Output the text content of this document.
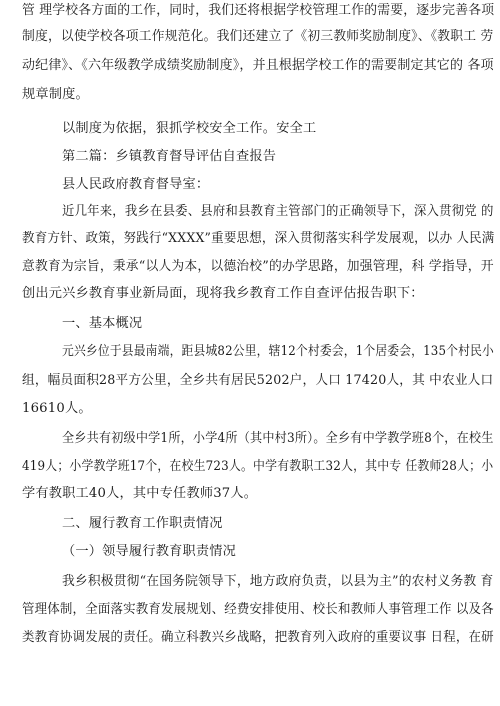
管 理学校各方面的工作，同时，我们还将根据学校管理工作的需要，逐步完善各项
制度，以使学校各项工作规范化。我们还建立了《初三教师奖励制度》、《教职工 劳
动纪律》、《六年级教学成绩奖励制度》，并且根据学校工作的需要制定其它的 各项
规章制度。
以制度为依据，狠抓学校安全工作。安全工
第二篇：乡镇教育督导评估自查报告
县人民政府教育督导室：
近几年来，我乡在县委、县府和县教育主管部门的正确领导下，深入贯彻党 的
教育方针、政策，努践行“XXXX”重要思想，深入贯彻落实科学发展观，以办 人民满
意教育为宗旨，秉承“以人为本，以德治校”的办学思路，加强管理，科 学指导，开
创出元兴乡教育事业新局面，现将我乡教育工作自查评估报告职下：
一、基本概况
元兴乡位于县最南端，距县城82公里，辖12个村委会，1个居委会，135个村民小
组，幅员面积28平方公里，全乡共有居民5202户，人口 17420人，其 中农业人口
16610人。
全乡共有初级中学1所，小学4所（其中村3所）。全乡有中学教学班8个，在校生
419人；小学教学班17个，在校生723人。中学有教职工32人，其中专 任教师28人；小
学有教职工40人，其中专任教师37人。
二、履行教育工作职责情况
（一）领导履行教育职责情况
我乡积极贯彻“在国务院领导下，地方政府负责，以县为主”的农村义务教 育
管理体制，全面落实教育发展规划、经费安排使用、校长和教师人事管理工作 以及各
类教育协调发展的责任。确立科教兴乡战略，把教育列入政府的重要议事 日程，在研
